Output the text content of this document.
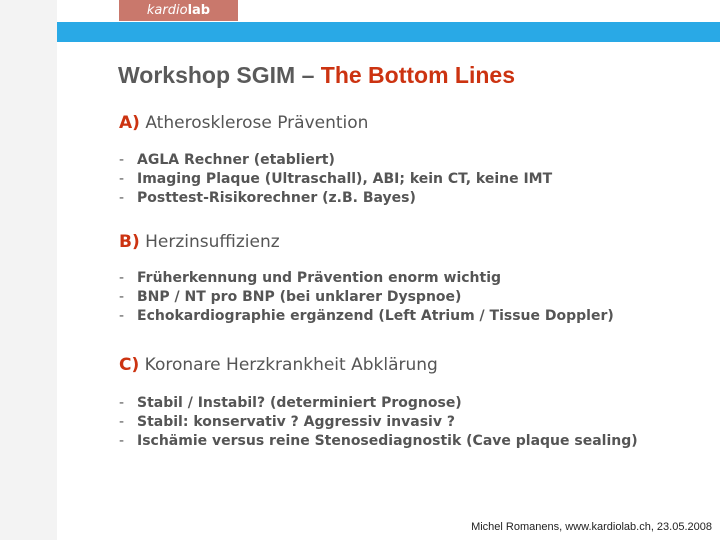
kardiolab
Workshop SGIM – The Bottom Lines
A) Atherosklerose Prävention
- AGLA Rechner (etabliert)
- Imaging Plaque (Ultraschall), ABI; kein CT, keine IMT
- Posttest-Risikorechner (z.B. Bayes)
B) Herzinsuffizienz
- Früherkennung und Prävention enorm wichtig
- BNP / NT pro BNP (bei unklarer Dyspnoe)
- Echokardiographie ergänzend (Left Atrium / Tissue Doppler)
C) Koronare Herzkrankheit Abklärung
- Stabil / Instabil? (determiniert Prognose)
- Stabil: konservativ ? Aggressiv invasiv ?
- Ischämie versus reine Stenosediagnostik (Cave plaque sealing)
Michel Romanens, www.kardiolab.ch, 23.05.2008
